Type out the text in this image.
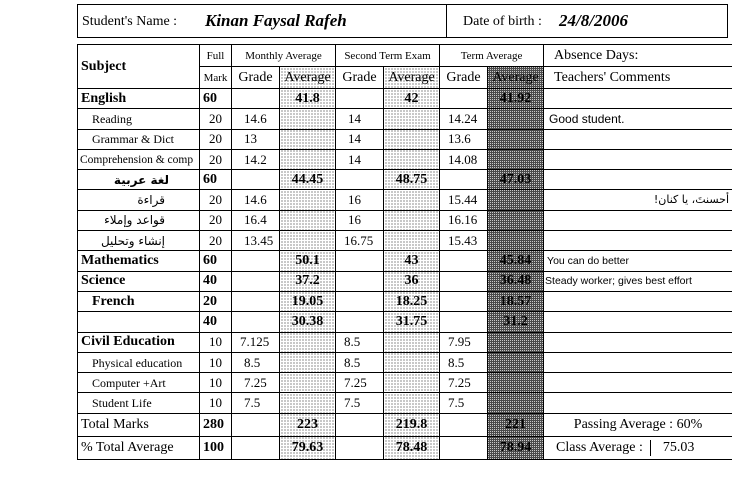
Student's Name : Kinan Faysal Rafeh	Date of birth : 24/8/2006
Subject	Full	Monthly Average		Second Term Exam		Term Average		Absence Days:
	Mark	Grade	Average	Grade	Average	Grade	Average	Teachers' Comments
English	60		41.8		42		41.92	
Reading	20	14.6		14		14.24		Good student.
Grammar & Dict	20	13		14		13.6		
Comprehension & comp	20	14.2		14		14.08		
لغة عربية	60		44.45		48.75		47.03	
قراءة	20	14.6		16		15.44		أحسنتَ، يا كنان!
قواعد وإملاء	20	16.4		16		16.16		
إنشاء وتحليل	20	13.45		16.75		15.43		
Mathematics	60		50.1		43		45.84	You can do better
Science	40		37.2		36		36.48	Steady worker; gives best effort
French	20		19.05		18.25		18.57	
	40		30.38		31.75		31.2	
Civil Education	10	7.125		8.5		7.95		
Physical education	10	8.5		8.5		8.5		
Computer +Art	10	7.25		7.25		7.25		
Student Life	10	7.5		7.5		7.5		
Total Marks	280		223		219.8		221	Passing Average : 60%
% Total Average	100		79.63		78.48		78.94	Class Average : 75.03
